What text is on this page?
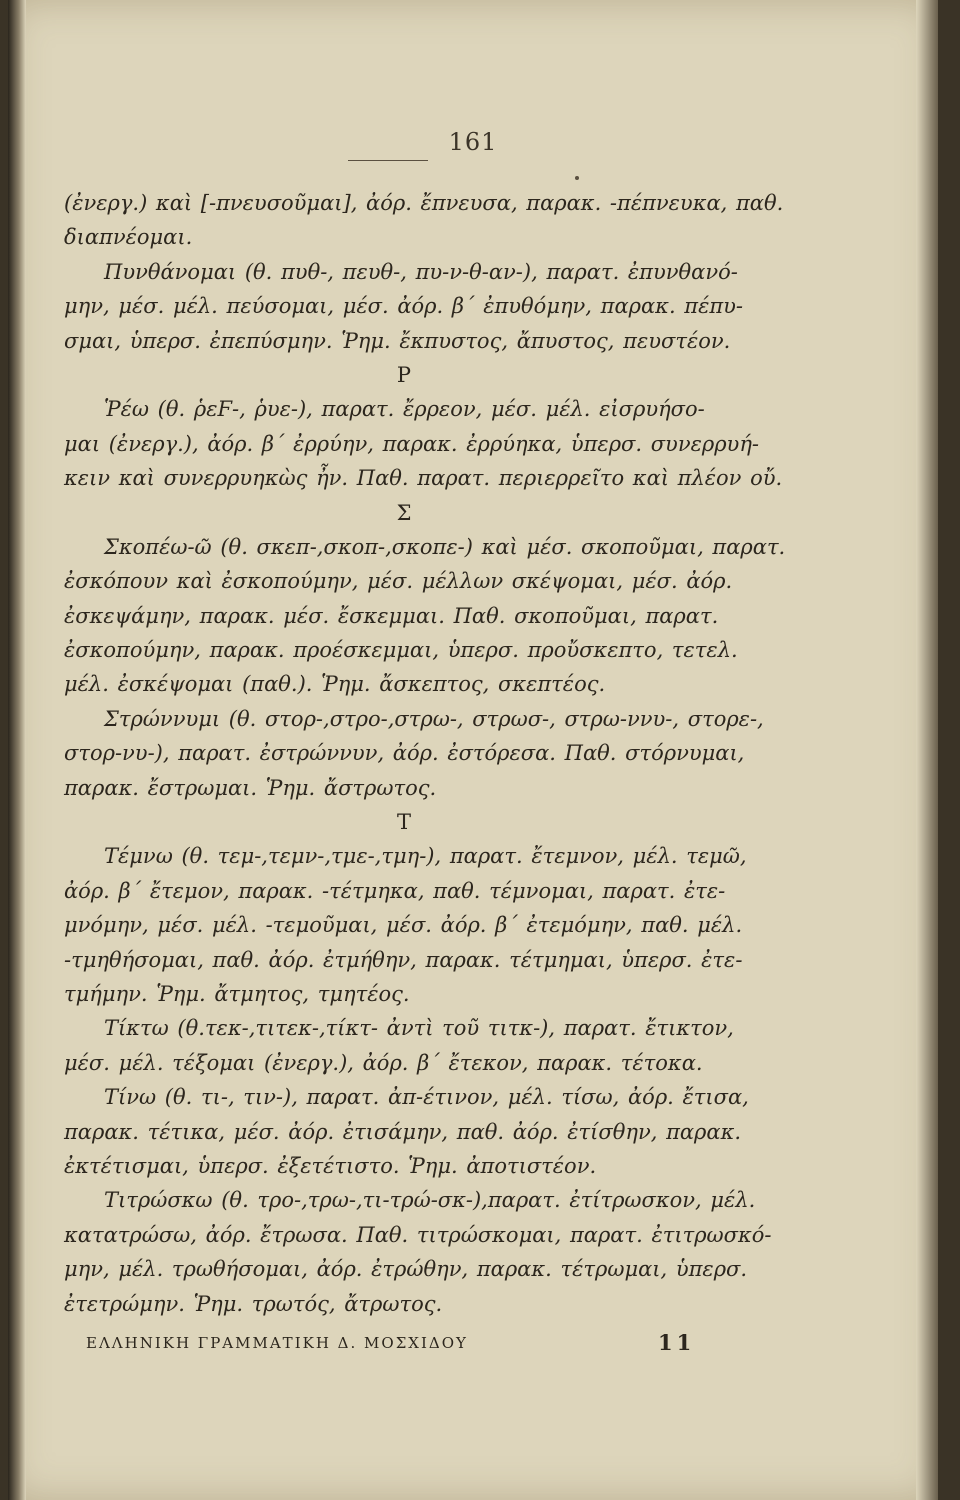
161
(ἐνεργ.) καὶ [-πνευσοῦμαι], ἀόρ. ἔπνευσα, παρακ. -πέπνευκα, παθ.
διαπνέομαι.
Πυνθάνομαι (θ. πυθ-, πευθ-, πυ-ν-θ-αν-), παρατ. ἐπυνθανό-
μην, μέσ. μέλ. πεύσομαι, μέσ. ἀόρ. β΄ ἐπυθόμην, παρακ. πέπυ-
σμαι, ὑπερσ. ἐπεπύσμην. Ῥημ. ἔκπυστος, ἄπυστος, πευστέον.
Ρ
Ῥέω (θ. ῥεϜ-, ῥυε-), παρατ. ἔρρεον, μέσ. μέλ. εἰσρυήσο-
μαι (ἐνεργ.), ἀόρ. β΄ ἐρρύην, παρακ. ἐρρύηκα, ὑπερσ. συνερρυή-
κειν καὶ συνερρυηκὼς ἦν. Παθ. παρατ. περιερρεῖτο καὶ πλέον οὔ.
Σ
Σκοπέω-ῶ (θ. σκεπ-,σκοπ-,σκοπε-) καὶ μέσ. σκοποῦμαι, παρατ.
ἐσκόπουν καὶ ἐσκοπούμην, μέσ. μέλλων σκέψομαι, μέσ. ἀόρ.
ἐσκεψάμην, παρακ. μέσ. ἔσκεμμαι. Παθ. σκοποῦμαι, παρατ.
ἐσκοπούμην, παρακ. προέσκεμμαι, ὑπερσ. προὔσκεπτο, τετελ.
μέλ. ἐσκέψομαι (παθ.). Ῥημ. ἄσκεπτος, σκεπτέος.
Στρώννυμι (θ. στορ-,στρο-,στρω-, στρωσ-, στρω-ννυ-, στορε-,
στορ-νυ-), παρατ. ἐστρώννυν, ἀόρ. ἐστόρεσα. Παθ. στόρνυμαι,
παρακ. ἔστρωμαι. Ῥημ. ἄστρωτος.
Τ
Τέμνω (θ. τεμ-,τεμν-,τμε-,τμη-), παρατ. ἔτεμνον, μέλ. τεμῶ,
ἀόρ. β΄ ἔτεμον, παρακ. -τέτμηκα, παθ. τέμνομαι, παρατ. ἐτε-
μνόμην, μέσ. μέλ. -τεμοῦμαι, μέσ. ἀόρ. β΄ ἐτεμόμην, παθ. μέλ.
-τμηθήσομαι, παθ. ἀόρ. ἐτμήθην, παρακ. τέτμημαι, ὑπερσ. ἐτε-
τμήμην. Ῥημ. ἄτμητος, τμητέος.
Τίκτω (θ.τεκ-,τιτεκ-,τίκτ- ἀντὶ τοῦ τιτκ-), παρατ. ἔτικτον,
μέσ. μέλ. τέξομαι (ἐνεργ.), ἀόρ. β΄ ἔτεκον, παρακ. τέτοκα.
Τίνω (θ. τι-, τιν-), παρατ. ἀπ-έτινον, μέλ. τίσω, ἀόρ. ἔτισα,
παρακ. τέτικα, μέσ. ἀόρ. ἐτισάμην, παθ. ἀόρ. ἐτίσθην, παρακ.
ἐκτέτισμαι, ὑπερσ. ἐξετέτιστο. Ῥημ. ἀποτιστέον.
Τιτρώσκω (θ. τρο-,τρω-,τι-τρώ-σκ-),παρατ. ἐτίτρωσκον, μέλ.
κατατρώσω, ἀόρ. ἔτρωσα. Παθ. τιτρώσκομαι, παρατ. ἐτιτρωσκό-
μην, μέλ. τρωθήσομαι, ἀόρ. ἐτρώθην, παρακ. τέτρωμαι, ὑπερσ.
ἐτετρώμην. Ῥημ. τρωτός, ἄτρωτος.
ΕΛΛΗΝΙΚΗ ΓΡΑΜΜΑΤΙΚΗ Δ. ΜΟΣΧΙΔΟΥ	11
